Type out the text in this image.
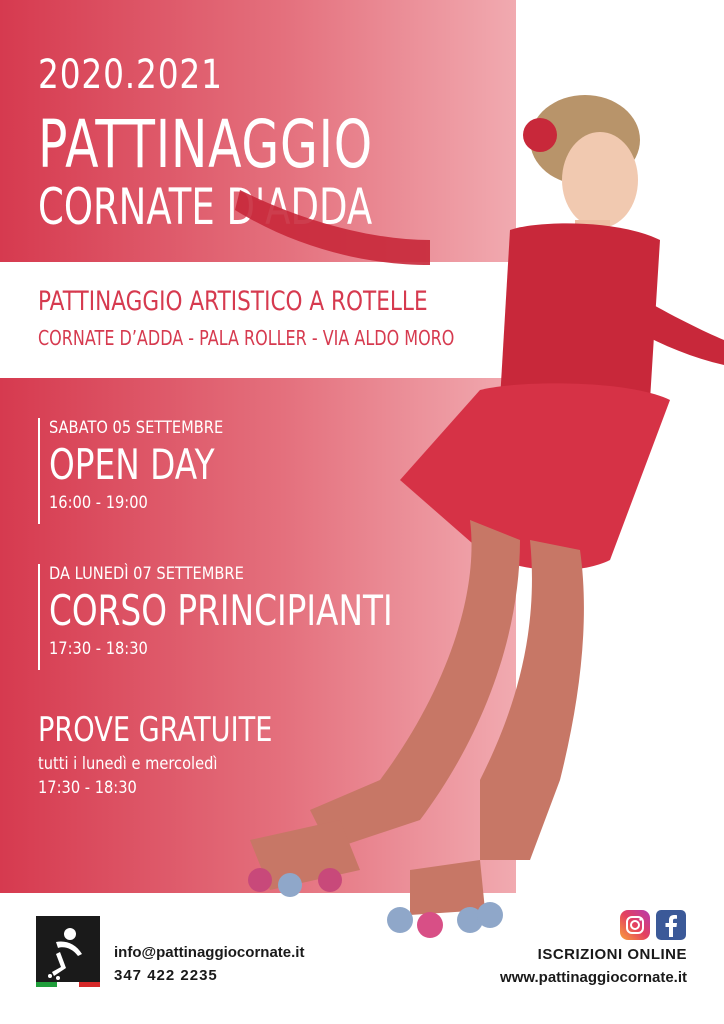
2020.2021
PATTINAGGIO
CORNATE D'ADDA
PATTINAGGIO ARTISTICO A ROTELLE
CORNATE D’ADDA - PALA ROLLER - VIA ALDO MORO
SABATO 05 SETTEMBRE
OPEN DAY
16:00 - 19:00
DA LUNEDÌ 07 SETTEMBRE
CORSO PRINCIPIANTI
17:30 - 18:30
PROVE GRATUITE
tutti i lunedì e mercoledì
17:30 - 18:30
info@pattinaggiocornate.it
347 422 2235
ISCRIZIONI ONLINE
www.pattinaggiocornate.it
